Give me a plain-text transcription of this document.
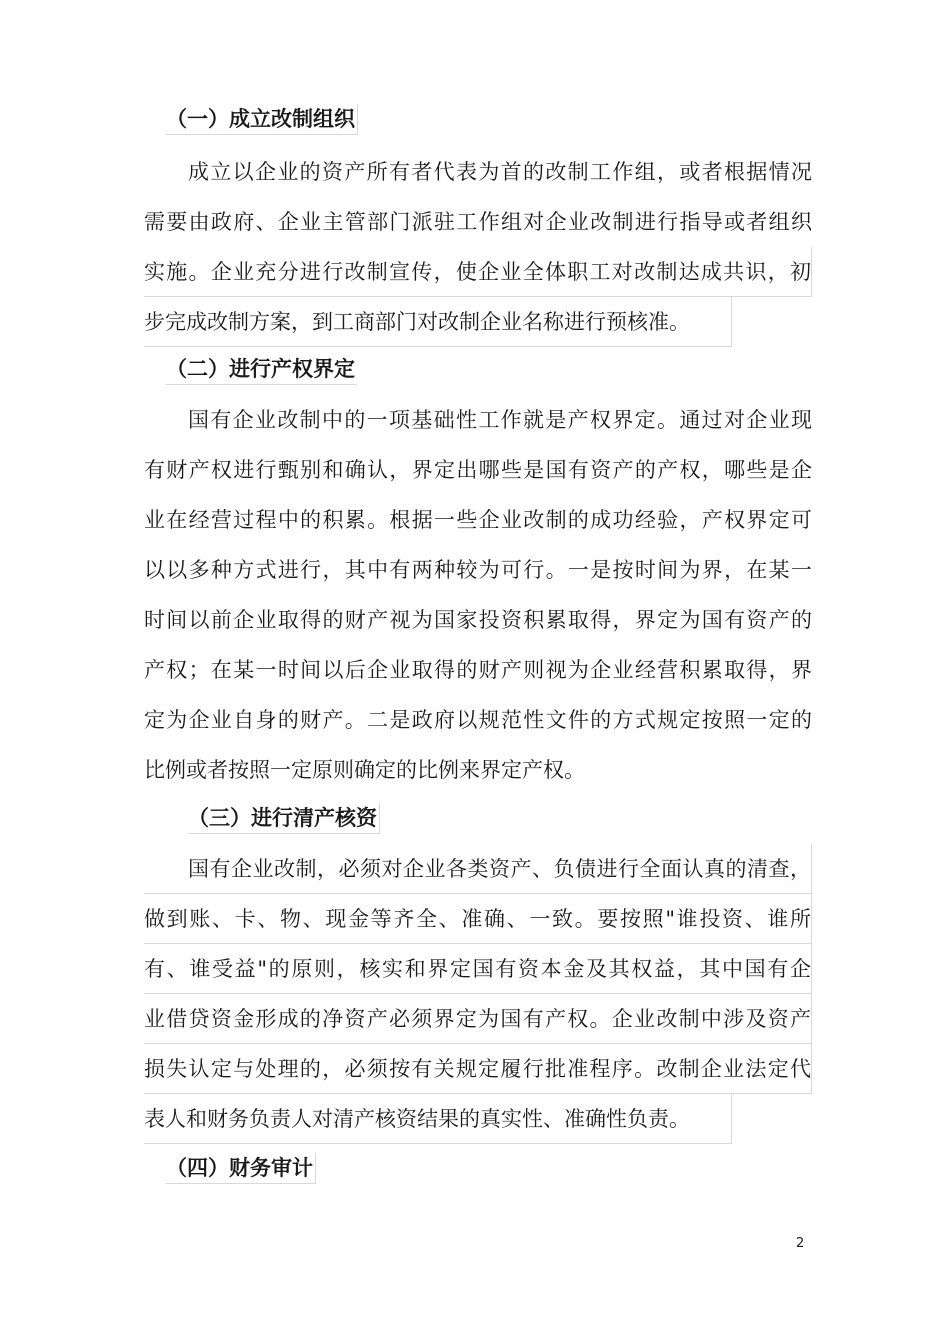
（一）成立改制组织
成立以企业的资产所有者代表为首的改制工作组，或者根据情况
需要由政府、企业主管部门派驻工作组对企业改制进行指导或者组织
实施。企业充分进行改制宣传，使企业全体职工对改制达成共识，初
步完成改制方案，到工商部门对改制企业名称进行预核准。
（二）进行产权界定
国有企业改制中的一项基础性工作就是产权界定。通过对企业现
有财产权进行甄别和确认，界定出哪些是国有资产的产权，哪些是企
业在经营过程中的积累。根据一些企业改制的成功经验，产权界定可
以以多种方式进行，其中有两种较为可行。一是按时间为界，在某一
时间以前企业取得的财产视为国家投资积累取得，界定为国有资产的
产权；在某一时间以后企业取得的财产则视为企业经营积累取得，界
定为企业自身的财产。二是政府以规范性文件的方式规定按照一定的
比例或者按照一定原则确定的比例来界定产权。
（三）进行清产核资
国有企业改制，必须对企业各类资产、负债进行全面认真的清查，
做到账、卡、物、现金等齐全、准确、一致。要按照"谁投资、谁所
有、谁受益"的原则，核实和界定国有资本金及其权益，其中国有企
业借贷资金形成的净资产必须界定为国有产权。企业改制中涉及资产
损失认定与处理的，必须按有关规定履行批准程序。改制企业法定代
表人和财务负责人对清产核资结果的真实性、准确性负责。
（四）财务审计
2
